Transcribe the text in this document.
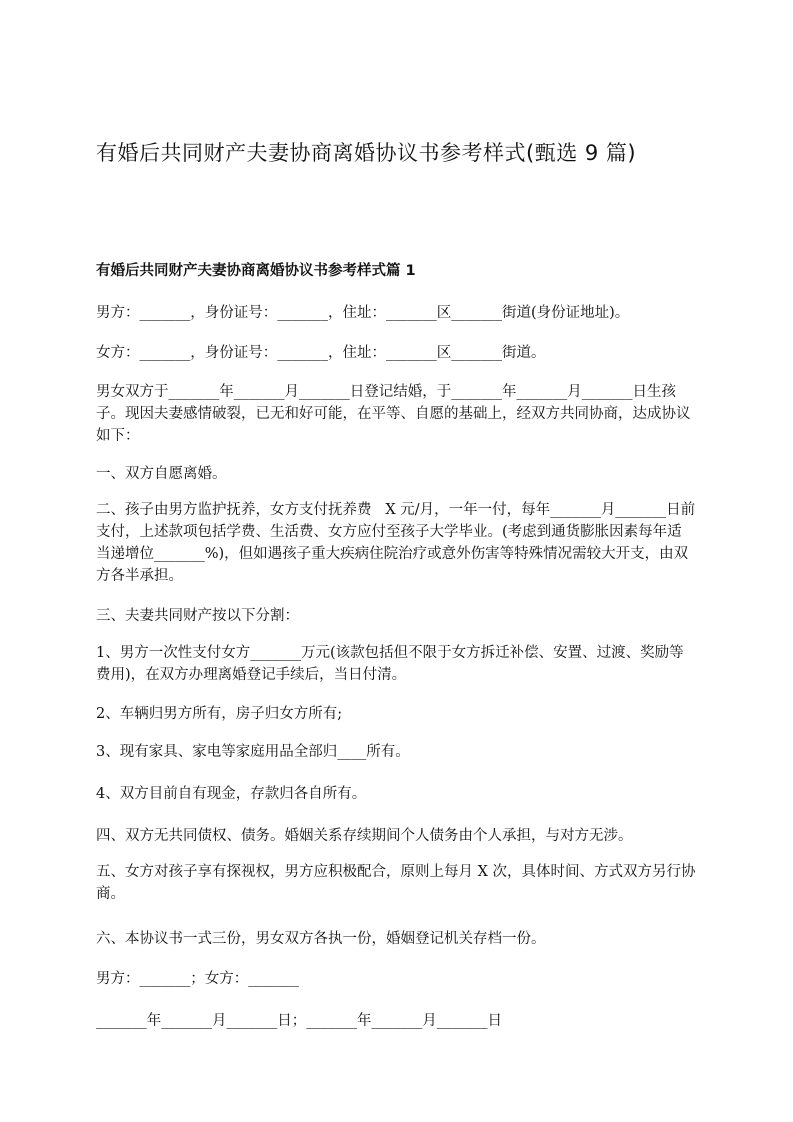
有婚后共同财产夫妻协商离婚协议书参考样式(甄选 9 篇)
有婚后共同财产夫妻协商离婚协议书参考样式篇 1

男方：_______，身份证号：_______，住址：_______区_______街道(身份证地址)。

女方：_______，身份证号：_______，住址：_______区_______街道。

男女双方于_______年_______月_______日登记结婚，于_______年_______月_______日生孩子。现因夫妻感情破裂，已无和好可能，在平等、自愿的基础上，经双方共同协商，达成协议如下：

一、双方自愿离婚。

二、孩子由男方监护抚养，女方支付抚养费   X 元/月，一年一付，每年_______月_______日前支付，上述款项包括学费、生活费、女方应付至孩子大学毕业。(考虑到通货膨胀因素每年适当递增位_______%)，但如遇孩子重大疾病住院治疗或意外伤害等特殊情况需较大开支，由双方各半承担。

三、夫妻共同财产按以下分割：

1、男方一次性支付女方_______万元(该款包括但不限于女方拆迁补偿、安置、过渡、奖励等费用)，在双方办理离婚登记手续后，当日付清。

2、车辆归男方所有，房子归女方所有;

3、现有家具、家电等家庭用品全部归____所有。

4、双方目前自有现金，存款归各自所有。

四、双方无共同债权、债务。婚姻关系存续期间个人债务由个人承担，与对方无涉。

五、女方对孩子享有探视权，男方应积极配合，原则上每月 X 次，具体时间、方式双方另行协商。

六、本协议书一式三份，男女双方各执一份，婚姻登记机关存档一份。

男方：_______；女方：_______

_______年_______月_______日；_______年_______月_______日
